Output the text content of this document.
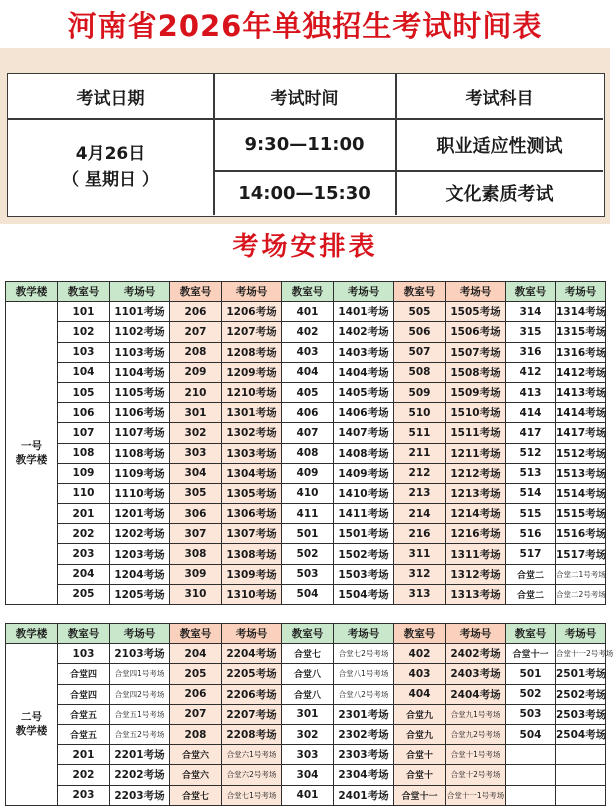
河南省2026年单独招生考试时间表
考试日期	考试时间	考试科目
4月26日
（ 星期日 ）
9:30—11:00	职业适应性测试
14:00—15:30	文化素质考试
考场安排表
教学楼	教室号	考场号	教室号	考场号	教室号	考场号	教室号	考场号	教室号	考场号
一号
教学楼	101	1101考场	206	1206考场	401	1401考场	505	1505考场	314	1314考场
	102	1102考场	207	1207考场	402	1402考场	506	1506考场	315	1315考场
	103	1103考场	208	1208考场	403	1403考场	507	1507考场	316	1316考场
	104	1104考场	209	1209考场	404	1404考场	508	1508考场	412	1412考场
	105	1105考场	210	1210考场	405	1405考场	509	1509考场	413	1413考场
	106	1106考场	301	1301考场	406	1406考场	510	1510考场	414	1414考场
	107	1107考场	302	1302考场	407	1407考场	511	1511考场	417	1417考场
	108	1108考场	303	1303考场	408	1408考场	211	1211考场	512	1512考场
	109	1109考场	304	1304考场	409	1409考场	212	1212考场	513	1513考场
	110	1110考场	305	1305考场	410	1410考场	213	1213考场	514	1514考场
	201	1201考场	306	1306考场	411	1411考场	214	1214考场	515	1515考场
	202	1202考场	307	1307考场	501	1501考场	216	1216考场	516	1516考场
	203	1203考场	308	1308考场	502	1502考场	311	1311考场	517	1517考场
	204	1204考场	309	1309考场	503	1503考场	312	1312考场	合堂二	合堂二1号考场
	205	1205考场	310	1310考场	504	1504考场	313	1313考场	合堂二	合堂二2号考场
教学楼	教室号	考场号	教室号	考场号	教室号	考场号	教室号	考场号	教室号	考场号
二号
教学楼	103	2103考场	204	2204考场	合堂七	合堂七2号考场	402	2402考场	合堂十一	合堂十一2号考场
	合堂四	合堂四1号考场	205	2205考场	合堂八	合堂八1号考场	403	2403考场	501	2501考场
	合堂四	合堂四2号考场	206	2206考场	合堂八	合堂八2号考场	404	2404考场	502	2502考场
	合堂五	合堂五1号考场	207	2207考场	301	2301考场	合堂九	合堂九1号考场	503	2503考场
	合堂五	合堂五2号考场	208	2208考场	302	2302考场	合堂九	合堂九2号考场	504	2504考场
	201	2201考场	合堂六	合堂六1号考场	303	2303考场	合堂十	合堂十1号考场		
	202	2202考场	合堂六	合堂六2号考场	304	2304考场	合堂十	合堂十2号考场		
	203	2203考场	合堂七	合堂七1号考场	401	2401考场	合堂十一	合堂十一1号考场		
